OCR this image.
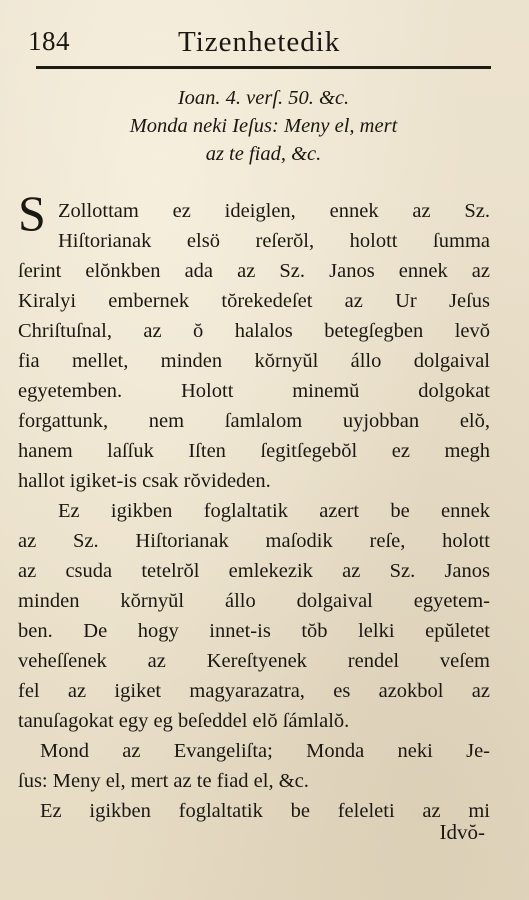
184	Tizenhetedik
Ioan. 4. verſ. 50. &c.
Monda neki Ieſus: Meny el, mert
az te fiad, &c.
S Zollottam ez ideiglen, ennek az Sz.
Hiſtorianak elsö reſerŏl, holott ſumma
ſerint elŏnkben ada az Sz. Janos ennek az
Kiralyi embernek tŏrekedeſet az Ur Jeſus
Chriſtuſnal, az ŏ halalos betegſegben levŏ
fia mellet, minden kŏrnyŭl állo dolgaival
egyetemben. Holott minemŭ dolgokat
forgattunk, nem ſamlalom uyjobban elŏ,
hanem laſſuk Iſten ſegitſegebŏl ez megh
hallot igiket-is csak rŏvideden.
Ez igikben foglaltatik azert be ennek
az Sz. Hiſtorianak maſodik reſe, holott
az csuda tetelrŏl emlekezik az Sz. Janos
minden kŏrnyŭl állo dolgaival egyetem-
ben. De hogy innet-is tŏb lelki epŭletet
veheſſenek az Kereſtyenek rendel veſem
fel az igiket magyarazatra, es azokbol az
tanuſagokat egy eg beſeddel elŏ ſámlalŏ.
Mond az Evangeliſta; Monda neki Je-
ſus: Meny el, mert az te fiad el, &c.
Ez igikben foglaltatik be feleleti az mi
Idvŏ-
